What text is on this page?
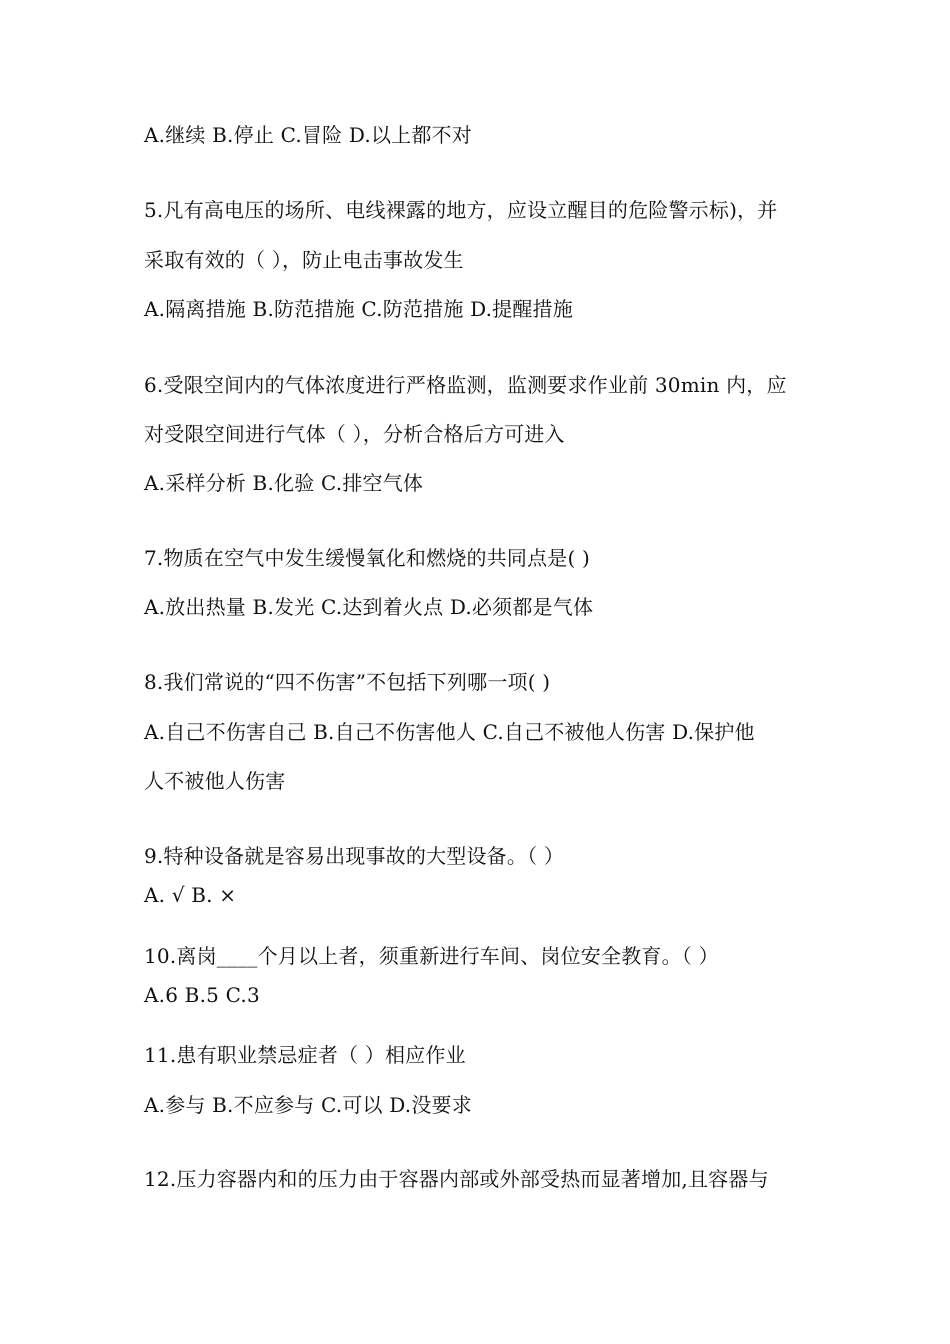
A.继续 B.停止 C.冒险 D.以上都不对
5.凡有高电压的场所、电线裸露的地方，应设立醒目的危险警示标)，并
采取有效的（ ），防止电击事故发生
A.隔离措施 B.防范措施 C.防范措施 D.提醒措施
6.受限空间内的气体浓度进行严格监测，监测要求作业前 30min 内，应
对受限空间进行气体（ ），分析合格后方可进入
A.采样分析 B.化验 C.排空气体
7.物质在空气中发生缓慢氧化和燃烧的共同点是( )
A.放出热量 B.发光 C.达到着火点 D.必须都是气体
8.我们常说的“四不伤害”不包括下列哪一项( )
A.自己不伤害自己 B.自己不伤害他人 C.自己不被他人伤害 D.保护他
人不被他人伤害
9.特种设备就是容易出现事故的大型设备。（ ）
A. √ B. ×
10.离岗____个月以上者，须重新进行车间、岗位安全教育。（ ）
A.6 B.5 C.3
11.患有职业禁忌症者（ ）相应作业
A.参与 B.不应参与 C.可以 D.没要求
12.压力容器内和的压力由于容器内部或外部受热而显著增加,且容器与
